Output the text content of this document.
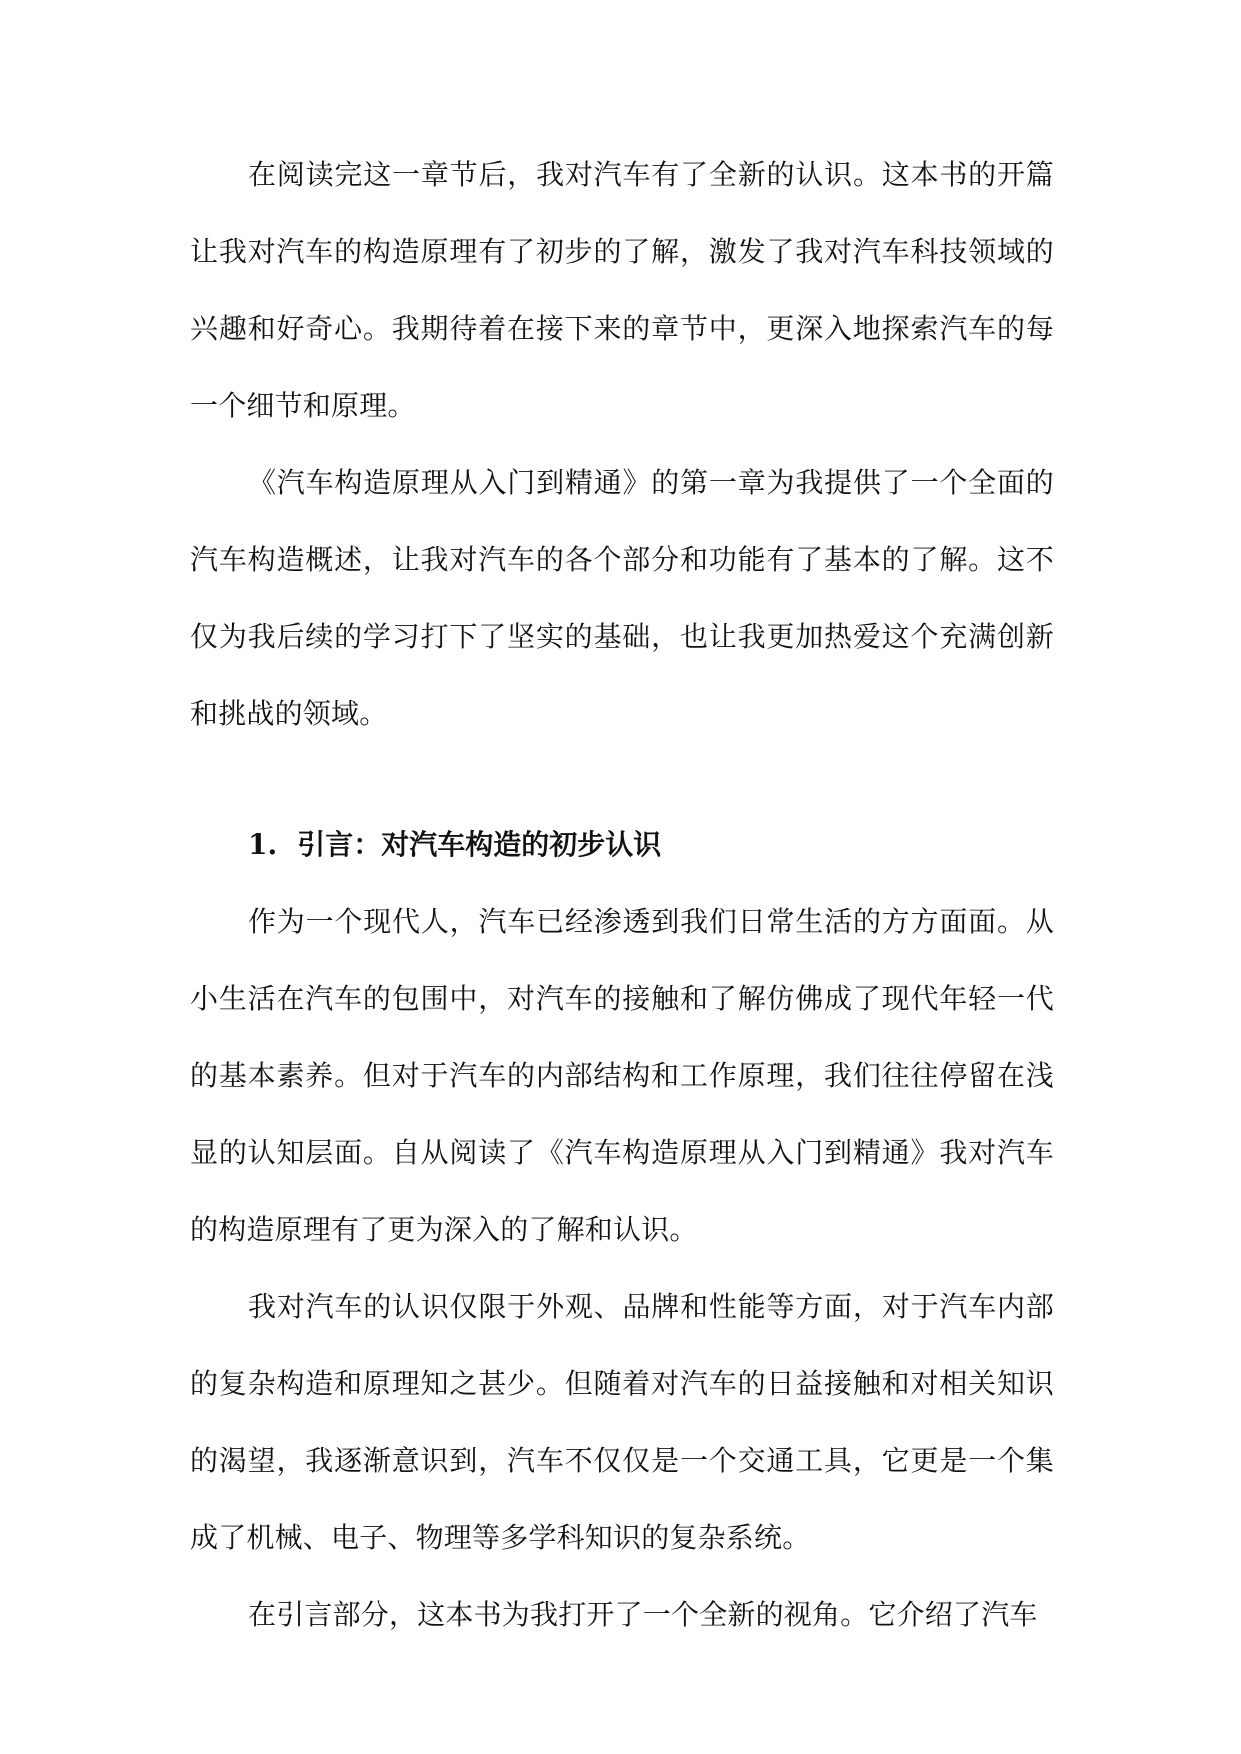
在阅读完这一章节后，我对汽车有了全新的认识。这本书的开篇让我对汽车的构造原理有了初步的了解，激发了我对汽车科技领域的兴趣和好奇心。我期待着在接下来的章节中，更深入地探索汽车的每一个细节和原理。

《汽车构造原理从入门到精通》的第一章为我提供了一个全面的汽车构造概述，让我对汽车的各个部分和功能有了基本的了解。这不仅为我后续的学习打下了坚实的基础，也让我更加热爱这个充满创新和挑战的领域。

1. 引言：对汽车构造的初步认识

作为一个现代人，汽车已经渗透到我们日常生活的方方面面。从小生活在汽车的包围中，对汽车的接触和了解仿佛成了现代年轻一代的基本素养。但对于汽车的内部结构和工作原理，我们往往停留在浅显的认知层面。自从阅读了《汽车构造原理从入门到精通》我对汽车的构造原理有了更为深入的了解和认识。

我对汽车的认识仅限于外观、品牌和性能等方面，对于汽车内部的复杂构造和原理知之甚少。但随着对汽车的日益接触和对相关知识的渴望，我逐渐意识到，汽车不仅仅是一个交通工具，它更是一个集成了机械、电子、物理等多学科知识的复杂系统。

在引言部分，这本书为我打开了一个全新的视角。它介绍了汽车
